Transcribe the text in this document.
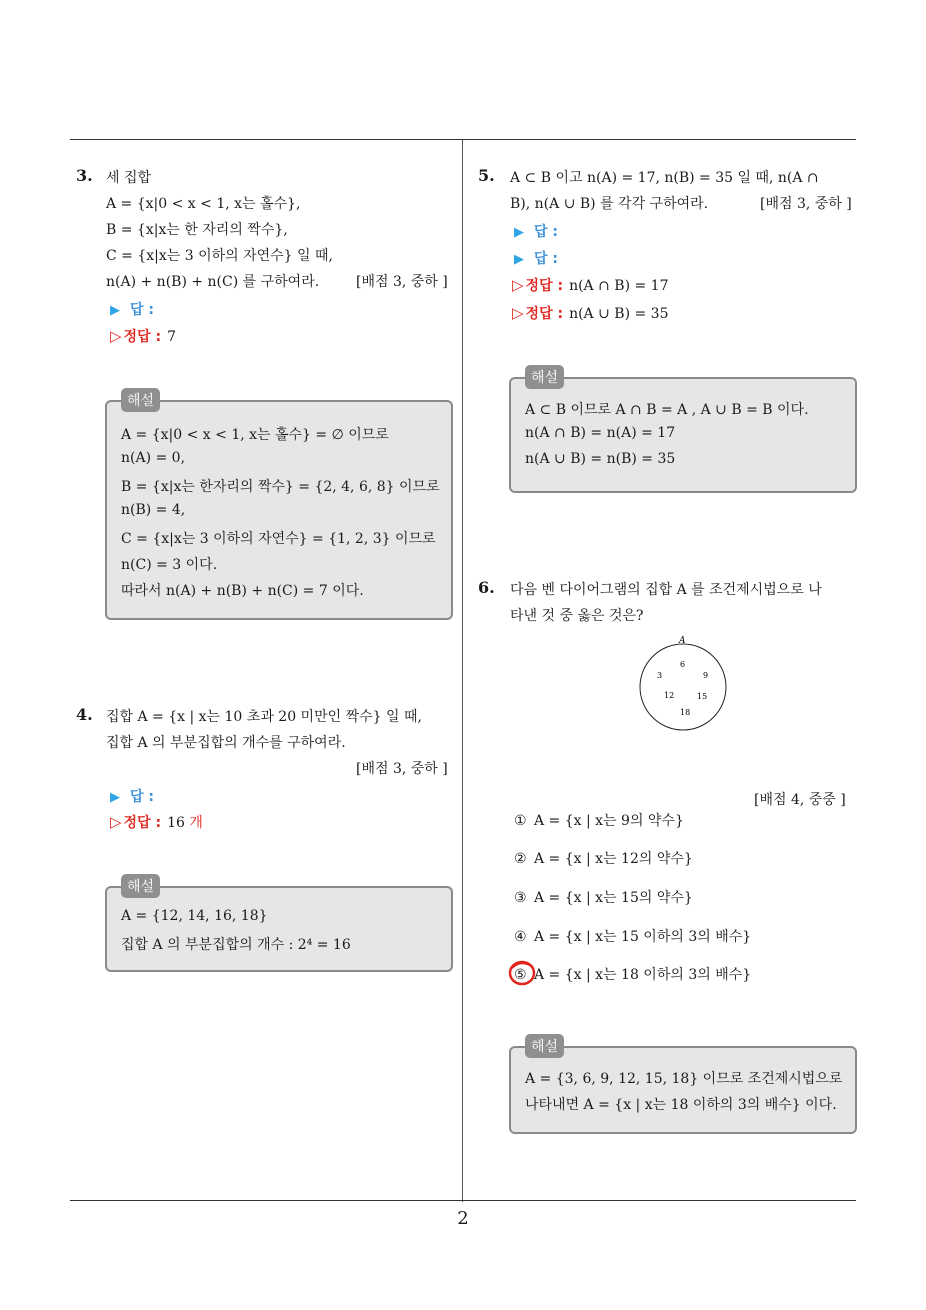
3. 세 집합
A = {x|0 < x < 1, x는 홀수},
B = {x|x는 한 자리의 짝수},
C = {x|x는 3 이하의 자연수} 일 때,
n(A) + n(B) + n(C) 를 구하여라.	[배점 3, 중하 ]
▶ 답 :
▷ 정답 : 7
해설
A = {x|0 < x < 1, x는 홀수} = ∅ 이므로
n(A) = 0,
B = {x|x는 한자리의 짝수} = {2, 4, 6, 8} 이므로
n(B) = 4,
C = {x|x는 3 이하의 자연수} = {1, 2, 3} 이므로
n(C) = 3 이다.
따라서 n(A) + n(B) + n(C) = 7 이다.
4. 집합 A = {x | x는 10 초과 20 미만인 짝수} 일 때,
집합 A 의 부분집합의 개수를 구하여라.
[배점 3, 중하 ]
▶ 답 :
▷ 정답 : 16 개
해설
A = {12, 14, 16, 18}
집합 A 의 부분집합의 개수 : 2⁴ = 16
5. A ⊂ B 이고 n(A) = 17, n(B) = 35 일 때, n(A ∩
B), n(A ∪ B) 를 각각 구하여라.	[배점 3, 중하 ]
▶ 답 :
▶ 답 :
▷ 정답 : n(A ∩ B) = 17
▷ 정답 : n(A ∪ B) = 35
해설
A ⊂ B 이므로 A ∩ B = A , A ∪ B = B 이다.
n(A ∩ B) = n(A) = 17
n(A ∪ B) = n(B) = 35
6. 다음 벤 다이어그램의 집합 A 를 조건제시법으로 나
타낸 것 중 옳은 것은?
A
3
6
9
12	15
18
[배점 4, 중중 ]
① A = {x | x는 9의 약수}
② A = {x | x는 12의 약수}
③ A = {x | x는 15의 약수}
④ A = {x | x는 15 이하의 3의 배수}
⑤ A = {x | x는 18 이하의 3의 배수}
해설
A = {3, 6, 9, 12, 15, 18} 이므로 조건제시법으로
나타내면 A = {x | x는 18 이하의 3의 배수} 이다.
2
